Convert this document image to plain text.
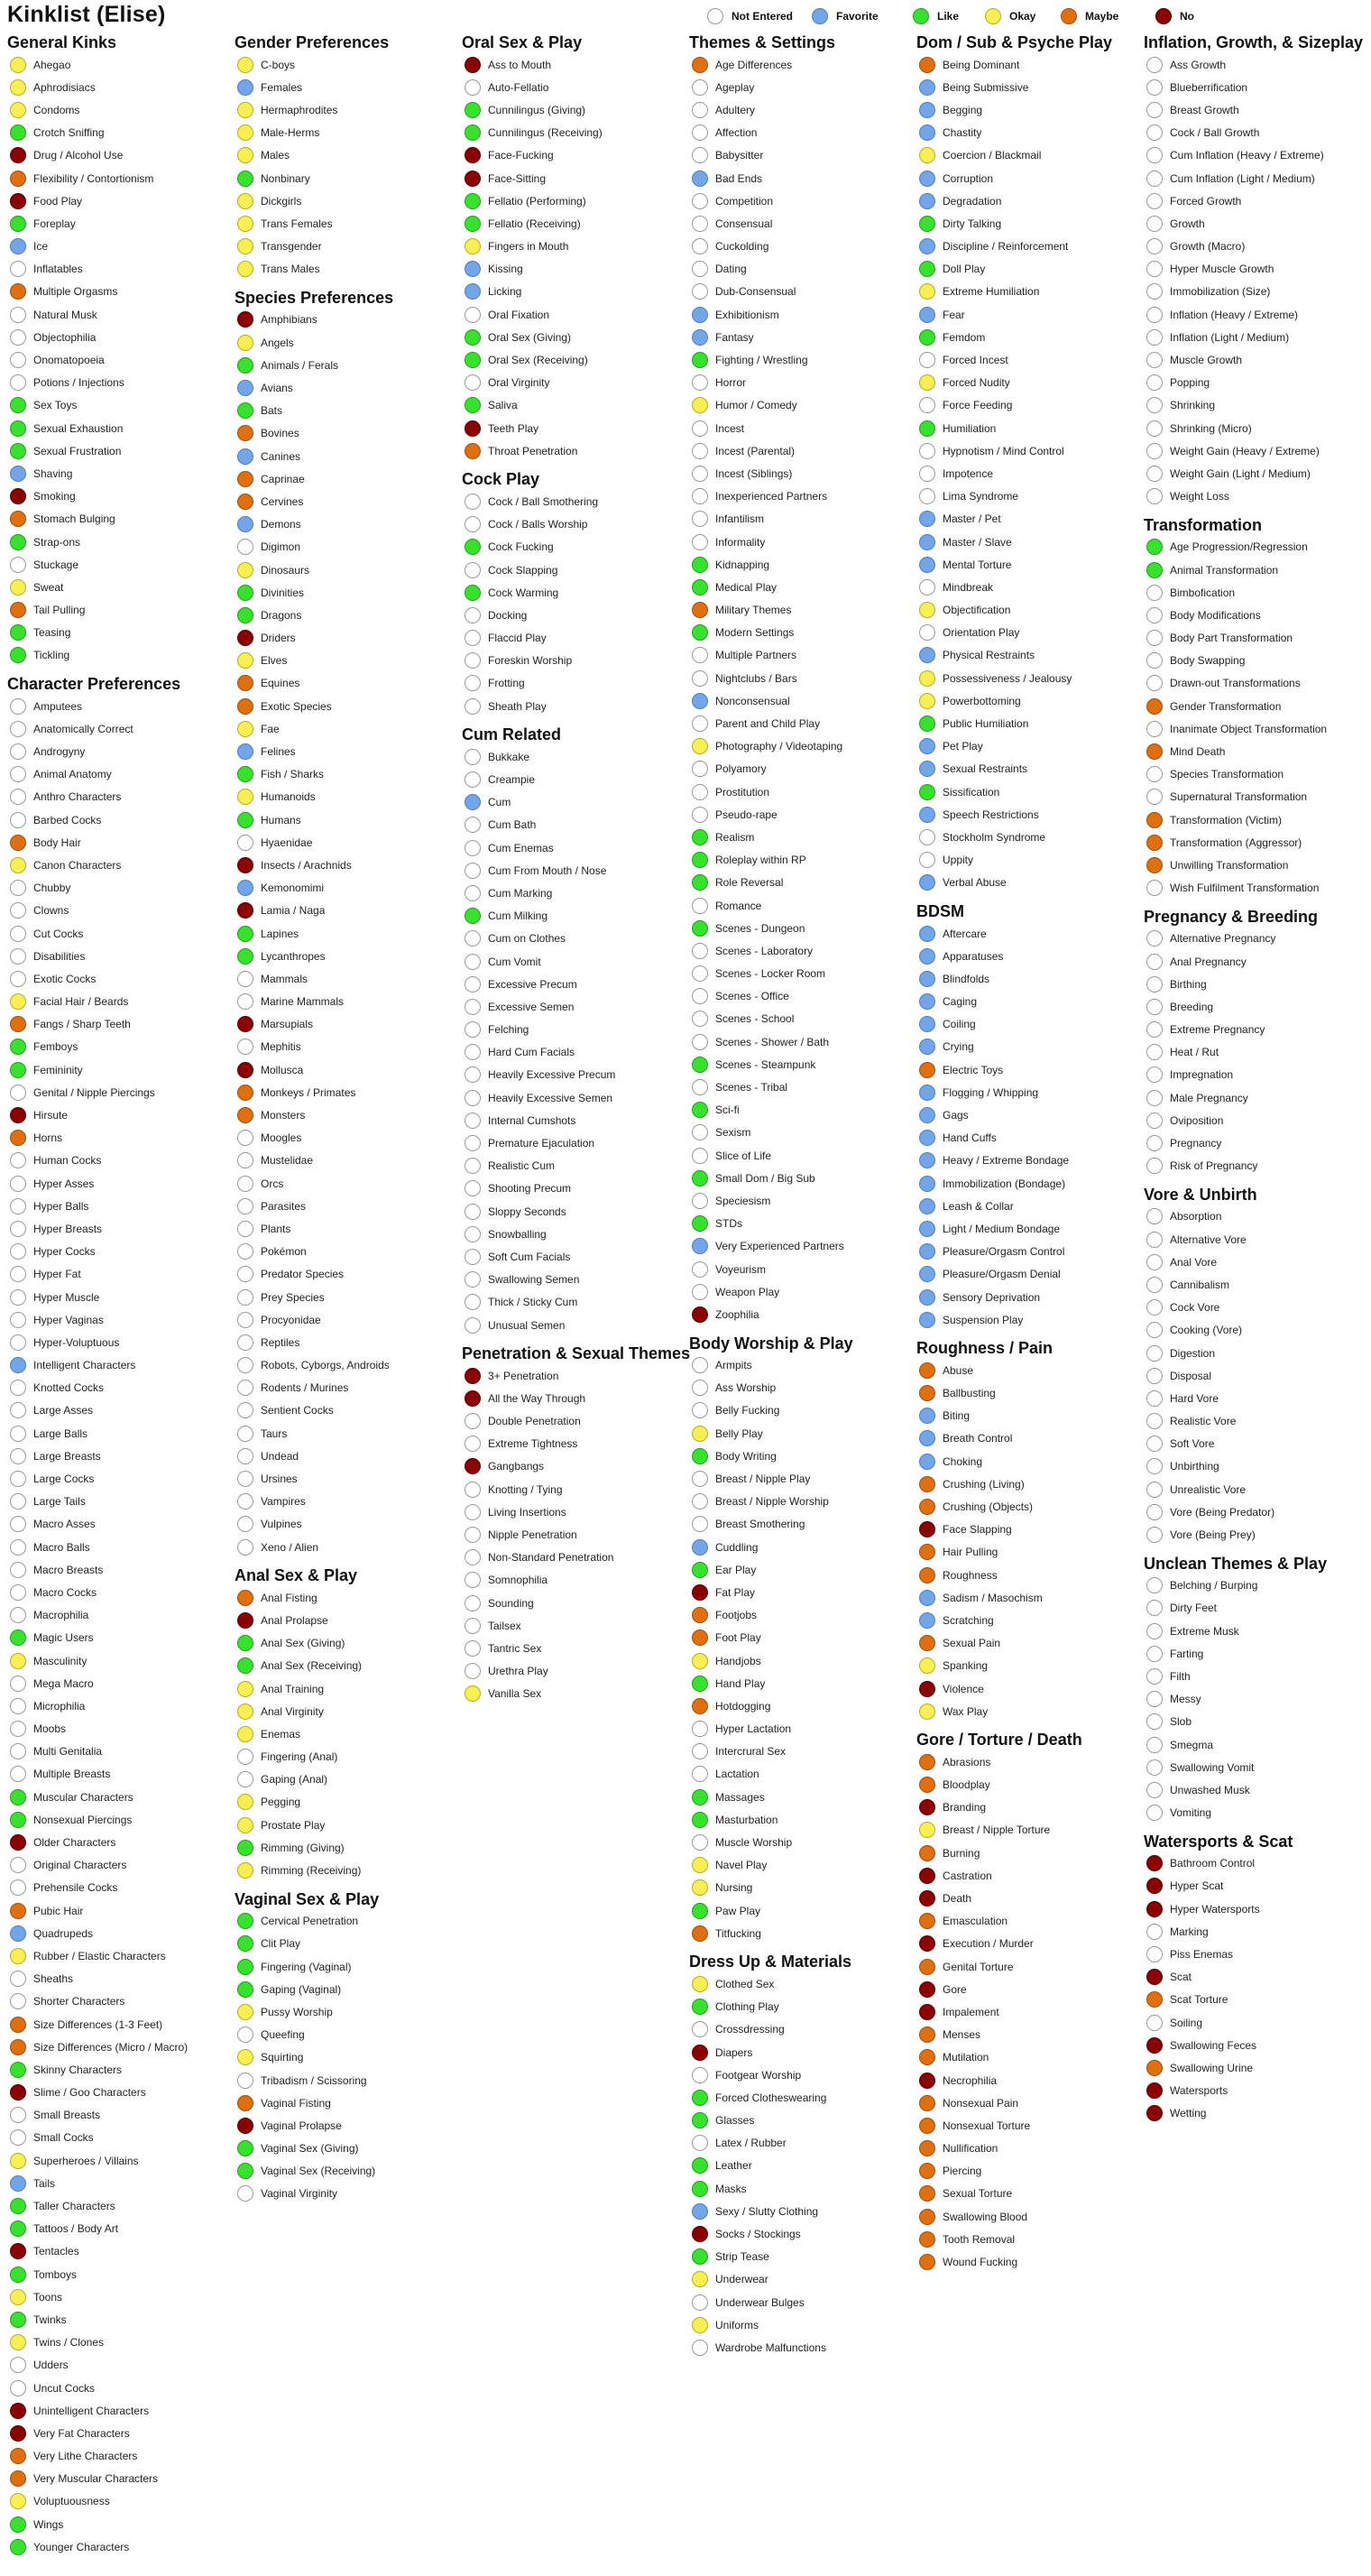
Kinklist (Elise)	Not Entered	Favorite	Like	Okay	Maybe	No
General Kinks
Ahegao
Aphrodisiacs
Condoms
Crotch Sniffing
Drug / Alcohol Use
Flexibility / Contortionism
Food Play
Foreplay
Ice
Inflatables
Multiple Orgasms
Natural Musk
Objectophilia
Onomatopoeia
Potions / Injections
Sex Toys
Sexual Exhaustion
Sexual Frustration
Shaving
Smoking
Stomach Bulging
Strap-ons
Stuckage
Sweat
Tail Pulling
Teasing
Tickling
Character Preferences
Amputees
Anatomically Correct
Androgyny
Animal Anatomy
Anthro Characters
Barbed Cocks
Body Hair
Canon Characters
Chubby
Clowns
Cut Cocks
Disabilities
Exotic Cocks
Facial Hair / Beards
Fangs / Sharp Teeth
Femboys
Femininity
Genital / Nipple Piercings
Hirsute
Horns
Human Cocks
Hyper Asses
Hyper Balls
Hyper Breasts
Hyper Cocks
Hyper Fat
Hyper Muscle
Hyper Vaginas
Hyper-Voluptuous
Intelligent Characters
Knotted Cocks
Large Asses
Large Balls
Large Breasts
Large Cocks
Large Tails
Macro Asses
Macro Balls
Macro Breasts
Macro Cocks
Macrophilia
Magic Users
Masculinity
Mega Macro
Microphilia
Moobs
Multi Genitalia
Multiple Breasts
Muscular Characters
Nonsexual Piercings
Older Characters
Original Characters
Prehensile Cocks
Pubic Hair
Quadrupeds
Rubber / Elastic Characters
Sheaths
Shorter Characters
Size Differences (1-3 Feet)
Size Differences (Micro / Macro)
Skinny Characters
Slime / Goo Characters
Small Breasts
Small Cocks
Superheroes / Villains
Tails
Taller Characters
Tattoos / Body Art
Tentacles
Tomboys
Toons
Twinks
Twins / Clones
Udders
Uncut Cocks
Unintelligent Characters
Very Fat Characters
Very Lithe Characters
Very Muscular Characters
Voluptuousness
Wings
Younger Characters
Gender Preferences
C-boys
Females
Hermaphrodites
Male-Herms
Males
Nonbinary
Dickgirls
Trans Females
Transgender
Trans Males
Species Preferences
Amphibians
Angels
Animals / Ferals
Avians
Bats
Bovines
Canines
Caprinae
Cervines
Demons
Digimon
Dinosaurs
Divinities
Dragons
Driders
Elves
Equines
Exotic Species
Fae
Felines
Fish / Sharks
Humanoids
Humans
Hyaenidae
Insects / Arachnids
Kemonomimi
Lamia / Naga
Lapines
Lycanthropes
Mammals
Marine Mammals
Marsupials
Mephitis
Mollusca
Monkeys / Primates
Monsters
Moogles
Mustelidae
Orcs
Parasites
Plants
Pokémon
Predator Species
Prey Species
Procyonidae
Reptiles
Robots, Cyborgs, Androids
Rodents / Murines
Sentient Cocks
Taurs
Undead
Ursines
Vampires
Vulpines
Xeno / Alien
Anal Sex & Play
Anal Fisting
Anal Prolapse
Anal Sex (Giving)
Anal Sex (Receiving)
Anal Training
Anal Virginity
Enemas
Fingering (Anal)
Gaping (Anal)
Pegging
Prostate Play
Rimming (Giving)
Rimming (Receiving)
Vaginal Sex & Play
Cervical Penetration
Clit Play
Fingering (Vaginal)
Gaping (Vaginal)
Pussy Worship
Queefing
Squirting
Tribadism / Scissoring
Vaginal Fisting
Vaginal Prolapse
Vaginal Sex (Giving)
Vaginal Sex (Receiving)
Vaginal Virginity
Oral Sex & Play
Ass to Mouth
Auto-Fellatio
Cunnilingus (Giving)
Cunnilingus (Receiving)
Face-Fucking
Face-Sitting
Fellatio (Performing)
Fellatio (Receiving)
Fingers in Mouth
Kissing
Licking
Oral Fixation
Oral Sex (Giving)
Oral Sex (Receiving)
Oral Virginity
Saliva
Teeth Play
Throat Penetration
Cock Play
Cock / Ball Smothering
Cock / Balls Worship
Cock Fucking
Cock Slapping
Cock Warming
Docking
Flaccid Play
Foreskin Worship
Frotting
Sheath Play
Cum Related
Bukkake
Creampie
Cum
Cum Bath
Cum Enemas
Cum From Mouth / Nose
Cum Marking
Cum Milking
Cum on Clothes
Cum Vomit
Excessive Precum
Excessive Semen
Felching
Hard Cum Facials
Heavily Excessive Precum
Heavily Excessive Semen
Internal Cumshots
Premature Ejaculation
Realistic Cum
Shooting Precum
Sloppy Seconds
Snowballing
Soft Cum Facials
Swallowing Semen
Thick / Sticky Cum
Unusual Semen
Penetration & Sexual Themes
3+ Penetration
All the Way Through
Double Penetration
Extreme Tightness
Gangbangs
Knotting / Tying
Living Insertions
Nipple Penetration
Non-Standard Penetration
Somnophilia
Sounding
Tailsex
Tantric Sex
Urethra Play
Vanilla Sex
Themes & Settings
Age Differences
Ageplay
Adultery
Affection
Babysitter
Bad Ends
Competition
Consensual
Cuckolding
Dating
Dub-Consensual
Exhibitionism
Fantasy
Fighting / Wrestling
Horror
Humor / Comedy
Incest
Incest (Parental)
Incest (Siblings)
Inexperienced Partners
Infantilism
Informality
Kidnapping
Medical Play
Military Themes
Modern Settings
Multiple Partners
Nightclubs / Bars
Nonconsensual
Parent and Child Play
Photography / Videotaping
Polyamory
Prostitution
Pseudo-rape
Realism
Roleplay within RP
Role Reversal
Romance
Scenes - Dungeon
Scenes - Laboratory
Scenes - Locker Room
Scenes - Office
Scenes - School
Scenes - Shower / Bath
Scenes - Steampunk
Scenes - Tribal
Sci-fi
Sexism
Slice of Life
Small Dom / Big Sub
Speciesism
STDs
Very Experienced Partners
Voyeurism
Weapon Play
Zoophilia
Body Worship & Play
Armpits
Ass Worship
Belly Fucking
Belly Play
Body Writing
Breast / Nipple Play
Breast / Nipple Worship
Breast Smothering
Cuddling
Ear Play
Fat Play
Footjobs
Foot Play
Handjobs
Hand Play
Hotdogging
Hyper Lactation
Intercrural Sex
Lactation
Massages
Masturbation
Muscle Worship
Navel Play
Nursing
Paw Play
Titfucking
Dress Up & Materials
Clothed Sex
Clothing Play
Crossdressing
Diapers
Footgear Worship
Forced Clotheswearing
Glasses
Latex / Rubber
Leather
Masks
Sexy / Slutty Clothing
Socks / Stockings
Strip Tease
Underwear
Underwear Bulges
Uniforms
Wardrobe Malfunctions
Dom / Sub & Psyche Play
Being Dominant
Being Submissive
Begging
Chastity
Coercion / Blackmail
Corruption
Degradation
Dirty Talking
Discipline / Reinforcement
Doll Play
Extreme Humiliation
Fear
Femdom
Forced Incest
Forced Nudity
Force Feeding
Humiliation
Hypnotism / Mind Control
Impotence
Lima Syndrome
Master / Pet
Master / Slave
Mental Torture
Mindbreak
Objectification
Orientation Play
Physical Restraints
Possessiveness / Jealousy
Powerbottoming
Public Humiliation
Pet Play
Sexual Restraints
Sissification
Speech Restrictions
Stockholm Syndrome
Uppity
Verbal Abuse
BDSM
Aftercare
Apparatuses
Blindfolds
Caging
Coiling
Crying
Electric Toys
Flogging / Whipping
Gags
Hand Cuffs
Heavy / Extreme Bondage
Immobilization (Bondage)
Leash & Collar
Light / Medium Bondage
Pleasure/Orgasm Control
Pleasure/Orgasm Denial
Sensory Deprivation
Suspension Play
Roughness / Pain
Abuse
Ballbusting
Biting
Breath Control
Choking
Crushing (Living)
Crushing (Objects)
Face Slapping
Hair Pulling
Roughness
Sadism / Masochism
Scratching
Sexual Pain
Spanking
Violence
Wax Play
Gore / Torture / Death
Abrasions
Bloodplay
Branding
Breast / Nipple Torture
Burning
Castration
Death
Emasculation
Execution / Murder
Genital Torture
Gore
Impalement
Menses
Mutilation
Necrophilia
Nonsexual Pain
Nonsexual Torture
Nullification
Piercing
Sexual Torture
Swallowing Blood
Tooth Removal
Wound Fucking
Inflation, Growth, & Sizeplay
Ass Growth
Blueberrification
Breast Growth
Cock / Ball Growth
Cum Inflation (Heavy / Extreme)
Cum Inflation (Light / Medium)
Forced Growth
Growth
Growth (Macro)
Hyper Muscle Growth
Immobilization (Size)
Inflation (Heavy / Extreme)
Inflation (Light / Medium)
Muscle Growth
Popping
Shrinking
Shrinking (Micro)
Weight Gain (Heavy / Extreme)
Weight Gain (Light / Medium)
Weight Loss
Transformation
Age Progression/Regression
Animal Transformation
Bimbofication
Body Modifications
Body Part Transformation
Body Swapping
Drawn-out Transformations
Gender Transformation
Inanimate Object Transformation
Mind Death
Species Transformation
Supernatural Transformation
Transformation (Victim)
Transformation (Aggressor)
Unwilling Transformation
Wish Fulfilment Transformation
Pregnancy & Breeding
Alternative Pregnancy
Anal Pregnancy
Birthing
Breeding
Extreme Pregnancy
Heat / Rut
Impregnation
Male Pregnancy
Oviposition
Pregnancy
Risk of Pregnancy
Vore & Unbirth
Absorption
Alternative Vore
Anal Vore
Cannibalism
Cock Vore
Cooking (Vore)
Digestion
Disposal
Hard Vore
Realistic Vore
Soft Vore
Unbirthing
Unrealistic Vore
Vore (Being Predator)
Vore (Being Prey)
Unclean Themes & Play
Belching / Burping
Dirty Feet
Extreme Musk
Farting
Filth
Messy
Slob
Smegma
Swallowing Vomit
Unwashed Musk
Vomiting
Watersports & Scat
Bathroom Control
Hyper Scat
Hyper Watersports
Marking
Piss Enemas
Scat
Scat Torture
Soiling
Swallowing Feces
Swallowing Urine
Watersports
Wetting
